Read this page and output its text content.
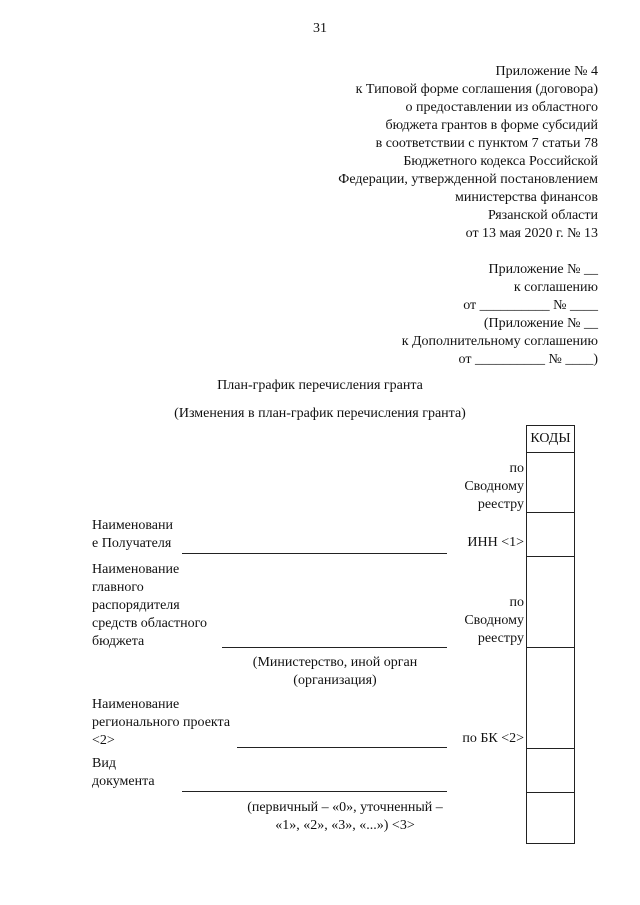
31
Приложение № 4
к Типовой форме соглашения (договора)
о предоставлении из областного
бюджета грантов в форме субсидий
в соответствии с пунктом 7 статьи 78
Бюджетного кодекса Российской
Федерации, утвержденной постановлением
министерства финансов
Рязанской области
от 13 мая 2020 г. № 13
Приложение № __
к соглашению
от __________ № ____
(Приложение № __
к Дополнительному соглашению
от __________ № ____)
План-график перечисления гранта
(Изменения в план-график перечисления гранта)
КОДЫ
по
Сводному
реестру
ИНН <1>
по
Сводному
реестру
по БК <2>
Наименовани
е Получателя
Наименование
главного
распорядителя
средств областного
бюджета
(Министерство, иной орган
(организация)
Наименование
регионального проекта
<2>
Вид
документа
(первичный – «0», уточненный –
«1», «2», «3», «...») <3>
